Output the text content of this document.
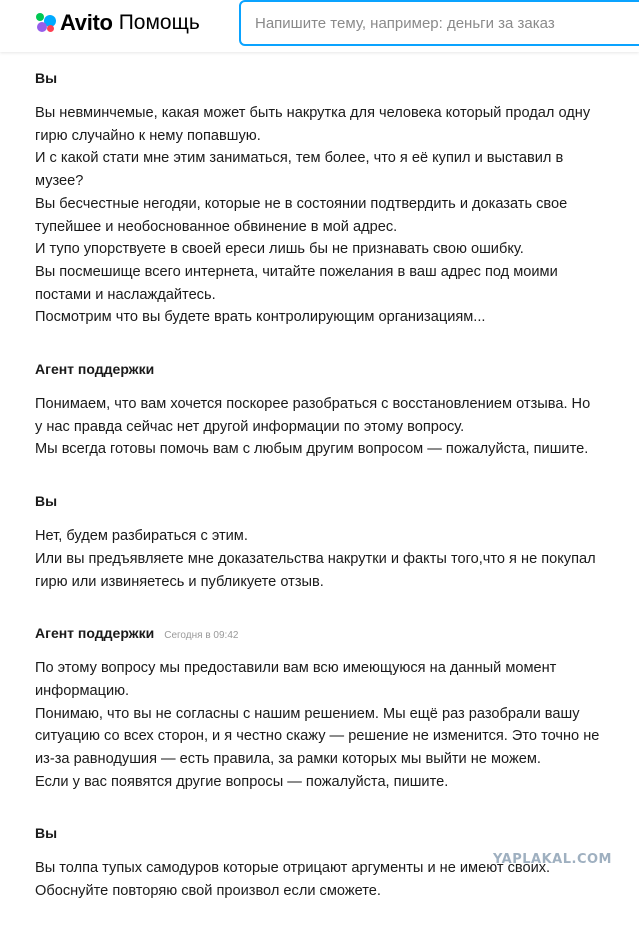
Avito Помощь
Напишите тему, например: деньги за заказ
Вы
Вы невминчемые, какая может быть накрутка для человека который продал одну
гирю случайно к нему попавшую.
И с какой стати мне этим заниматься, тем более, что я её купил и выставил в
музее?
Вы бесчестные негодяи, которые не в состоянии подтвердить и доказать свое
тупейшее и необоснованное обвинение в мой адрес.
И тупо упорствуете в своей ереси лишь бы не признавать свою ошибку.
Вы посмешище всего интернета, читайте пожелания в ваш адрес под моими
постами и наслаждайтесь.
Посмотрим что вы будете врать контролирующим организациям...
Агент поддержки
Понимаем, что вам хочется поскорее разобраться с восстановлением отзыва. Но
у нас правда сейчас нет другой информации по этому вопросу.
Мы всегда готовы помочь вам с любым другим вопросом — пожалуйста, пишите.
Вы
Нет, будем разбираться с этим.
Или вы предъявляете мне доказательства накрутки и факты того,что я не покупал
гирю или извиняетесь и публикуете отзыв.
Агент поддержки Сегодня в 09:42
По этому вопросу мы предоставили вам всю имеющуюся на данный момент
информацию.
Понимаю, что вы не согласны с нашим решением. Мы ещё раз разобрали вашу
ситуацию со всех сторон, и я честно скажу — решение не изменится. Это точно не
из-за равнодушия — есть правила, за рамки которых мы выйти не можем.
Если у вас появятся другие вопросы — пожалуйста, пишите.
Вы
Вы толпа тупых самодуров которые отрицают аргументы и не имеют своих.
Обоснуйте повторяю свой произвол если сможете.
YAPLAKAL.COM
